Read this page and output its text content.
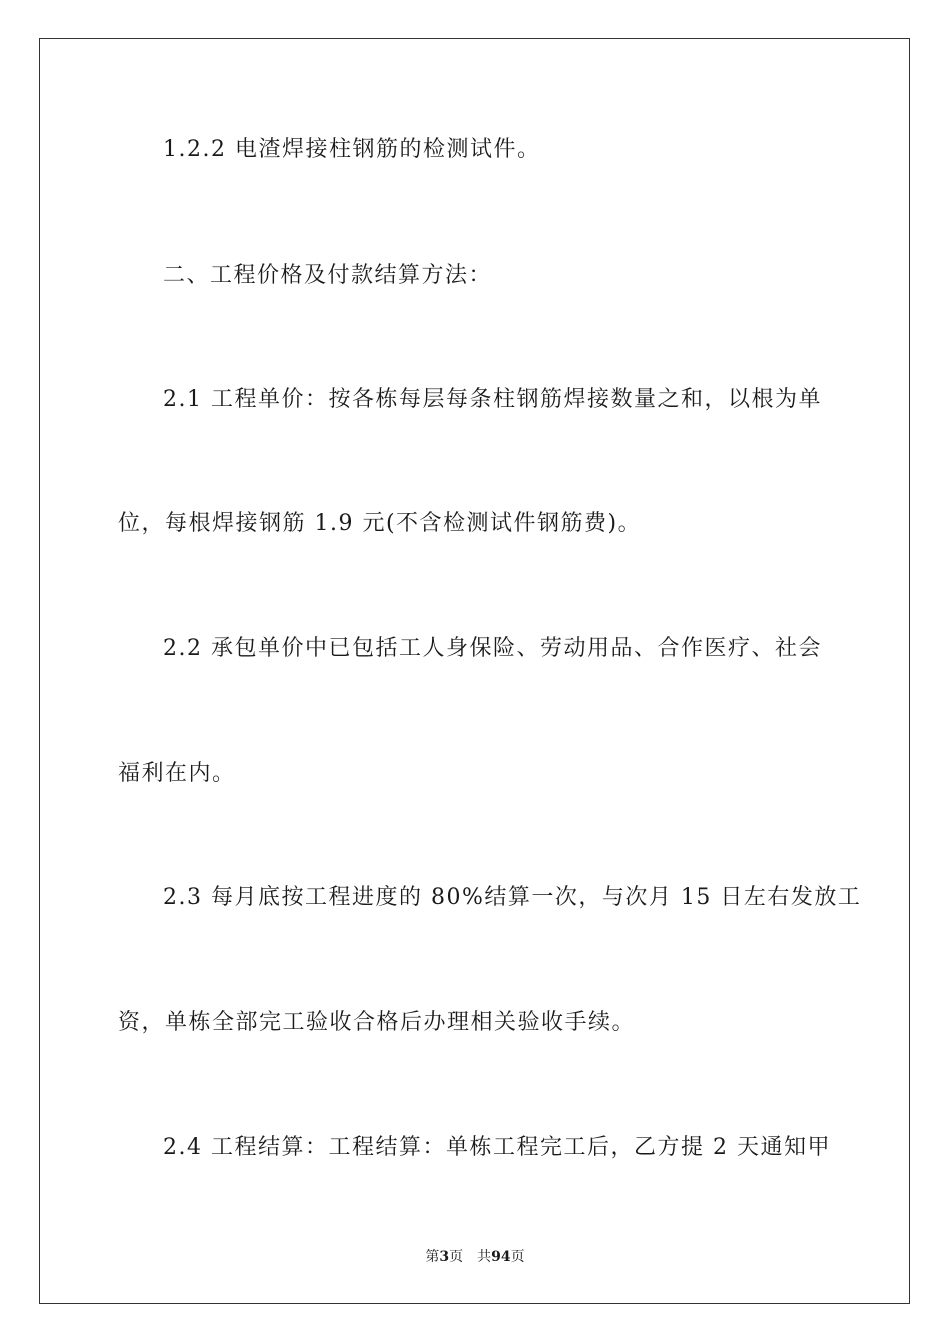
1.2.2 电渣焊接柱钢筋的检测试件。
二、工程价格及付款结算方法：
2.1 工程单价：按各栋每层每条柱钢筋焊接数量之和，以根为单
位，每根焊接钢筋 1.9 元(不含检测试件钢筋费)。
2.2 承包单价中已包括工人身保险、劳动用品、合作医疗、社会
福利在内。
2.3 每月底按工程进度的 80%结算一次，与次月 15 日左右发放工
资，单栋全部完工验收合格后办理相关验收手续。
2.4 工程结算：工程结算：单栋工程完工后，乙方提 2 天通知甲
第3页　共94页
